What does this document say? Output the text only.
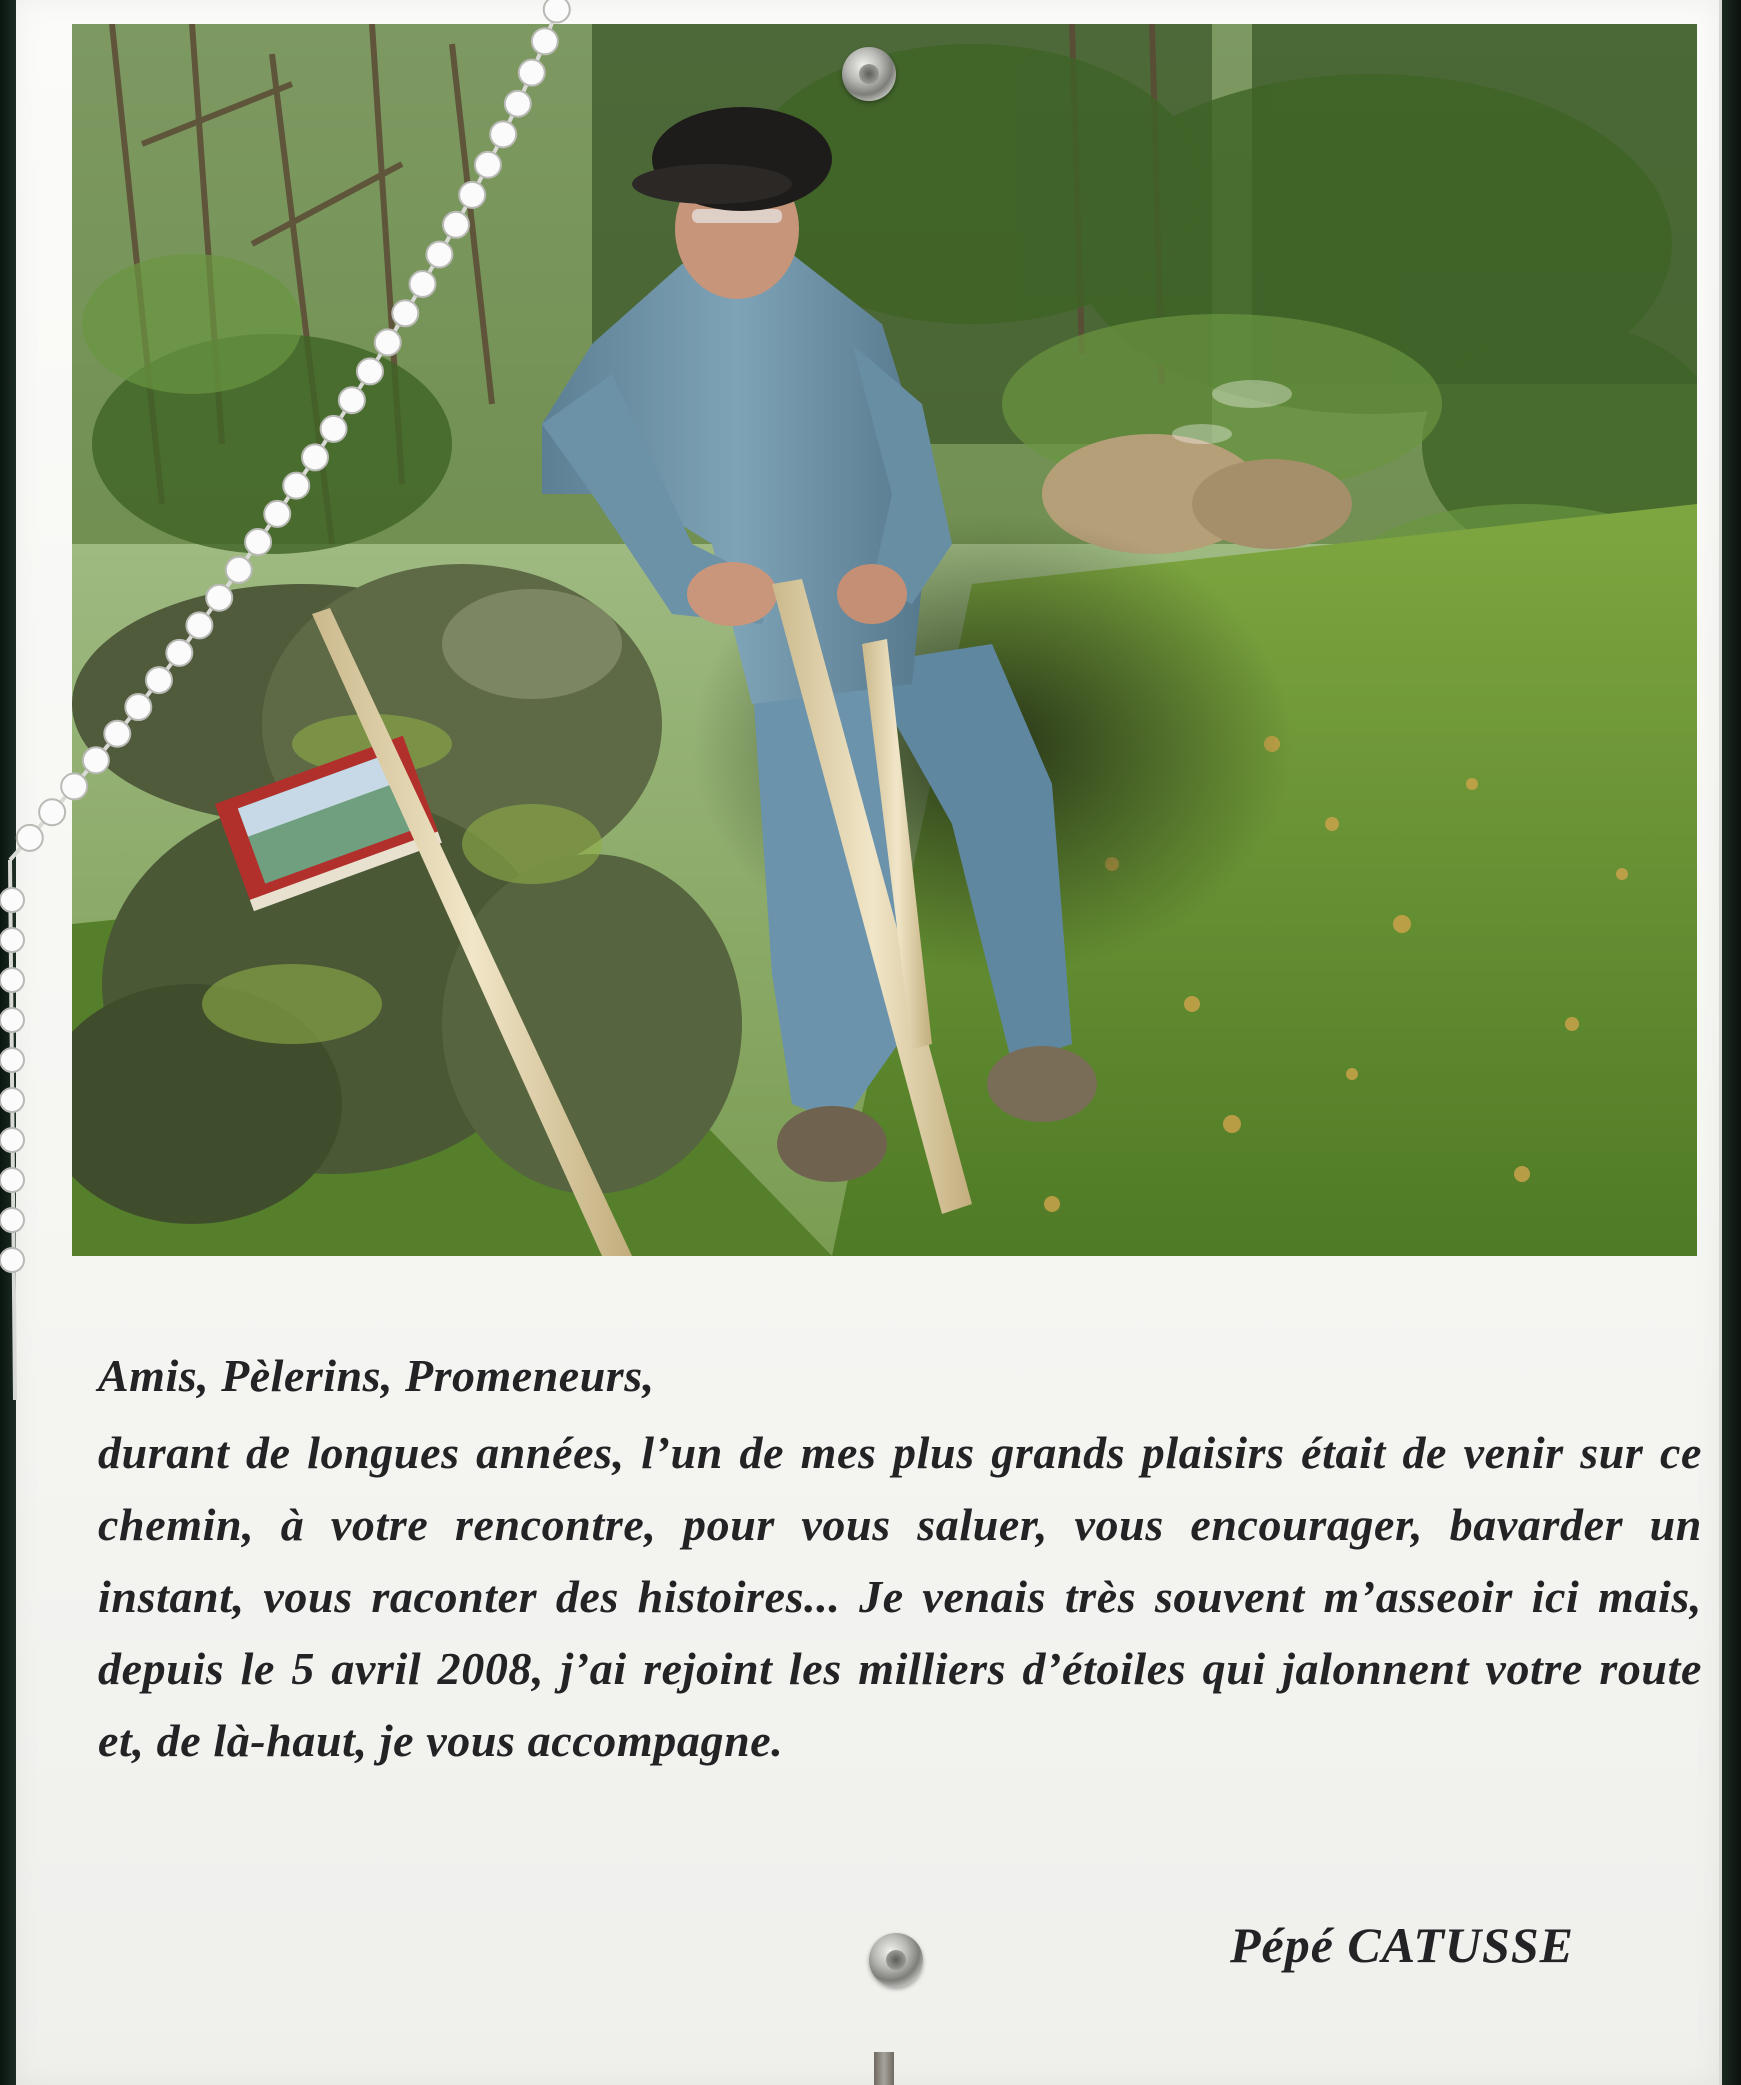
Amis, Pèlerins, Promeneurs,

durant de longues années, l’un de mes plus grands plaisirs était de venir sur ce chemin, à votre rencontre, pour vous saluer, vous encourager, bavarder un instant, vous raconter des histoires... Je venais très souvent m’asseoir ici mais, depuis le 5 avril 2008, j’ai rejoint les milliers d’étoiles qui jalonnent votre route et, de là-haut, je vous accompagne.

Pépé CATUSSE
